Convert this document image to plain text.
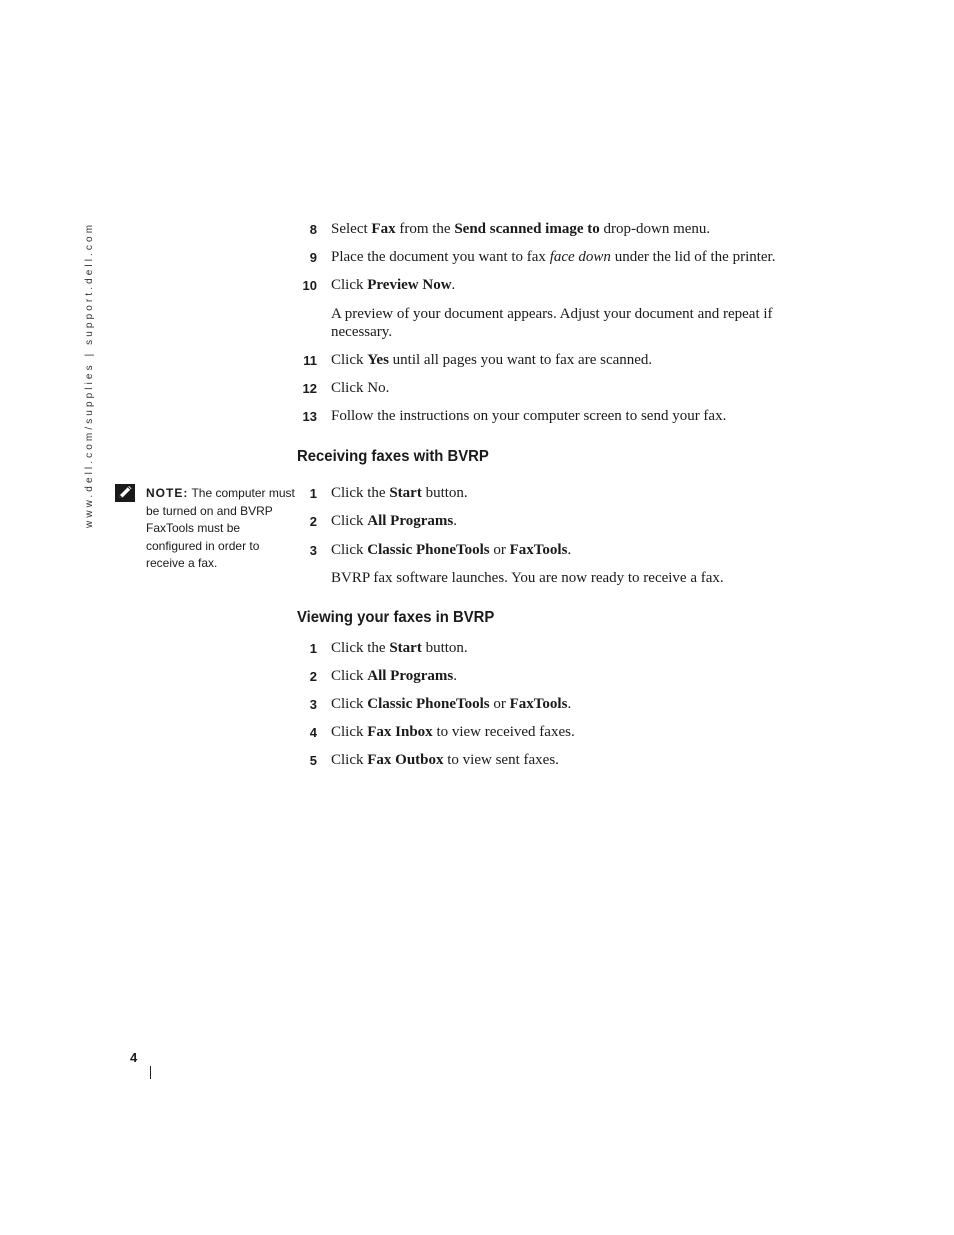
www.dell.com/supplies | support.dell.com	8 Select Fax from the Send scanned image to drop-down menu.
9 Place the document you want to fax face down under the lid of the printer.
10 Click Preview Now.
A preview of your document appears. Adjust your document and repeat if necessary.
11 Click Yes until all pages you want to fax are scanned.
12 Click No.
13 Follow the instructions on your computer screen to send your fax.
Receiving faxes with BVRP
1 Click the Start button.
2 Click All Programs.
3 Click Classic PhoneTools or FaxTools.
BVRP fax software launches. You are now ready to receive a fax.
Viewing your faxes in BVRP
1 Click the Start button.
2 Click All Programs.
3 Click Classic PhoneTools or FaxTools.
4 Click Fax Inbox to view received faxes.
5 Click Fax Outbox to view sent faxes.
NOTE: The computer must be turned on and BVRP FaxTools must be configured in order to receive a fax.
4
